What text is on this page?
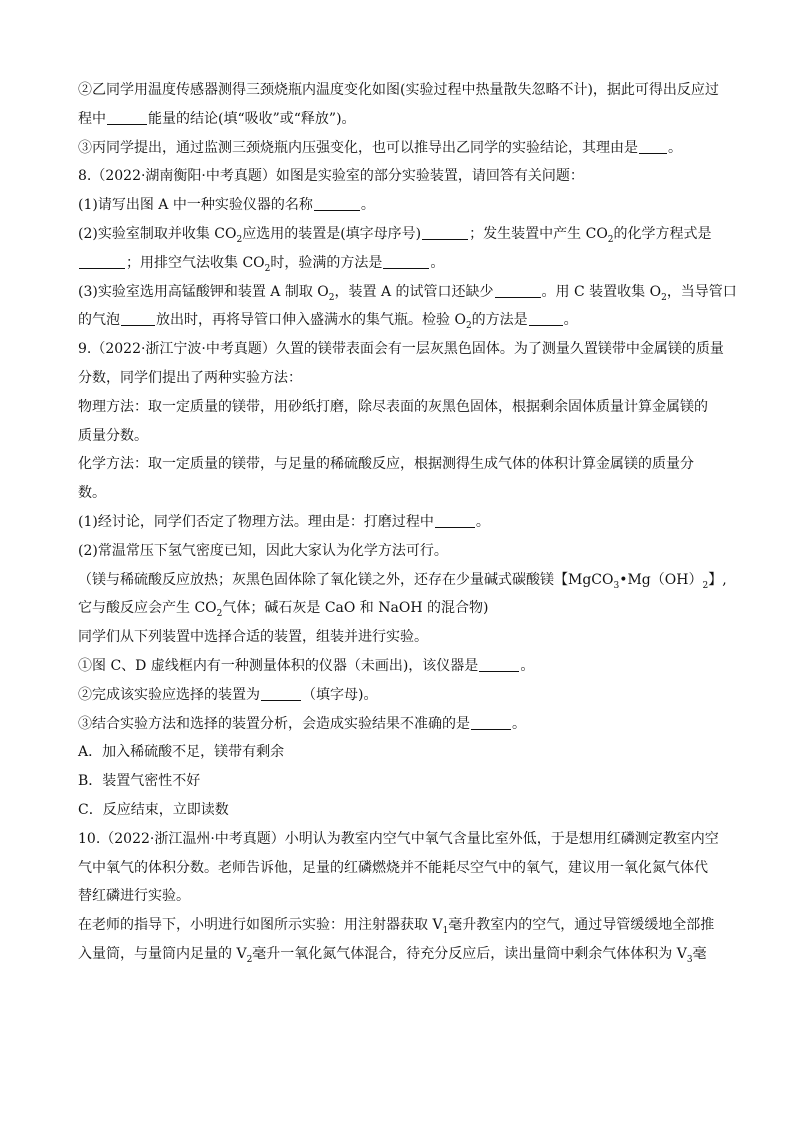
②乙同学用温度传感器测得三颈烧瓶内温度变化如图(实验过程中热量散失忽略不计)，据此可得出反应过
程中	能量的结论(填“吸收”或“释放”)。
③丙同学提出，通过监测三颈烧瓶内压强变化，也可以推导出乙同学的实验结论，其理由是 。
8.（2022·湖南衡阳·中考真题）如图是实验室的部分实验装置，请回答有关问题：
(1)请写出图 A 中一种实验仪器的名称	。
(2)实验室制取并收集 $CO_2$应选用的装置是(填字母序号)	；发生装置中产生 $CO_2$的化学方程式是
；用排空气法收集 $CO_2$时，验满的方法是	。
(3)实验室选用高锰酸钾和装置 A 制取 $O_2$，装置 A 的试管口还缺少	。用 C 装置收集 $O_2$，当导管口
的气泡	放出时，再将导管口伸入盛满水的集气瓶。检验 $O_2$的方法是	。
9.（2022·浙江宁波·中考真题）久置的镁带表面会有一层灰黑色固体。为了测量久置镁带中金属镁的质量
分数，同学们提出了两种实验方法：
物理方法：取一定质量的镁带，用砂纸打磨，除尽表面的灰黑色固体，根据剩余固体质量计算金属镁的
质量分数。
化学方法：取一定质量的镁带，与足量的稀硫酸反应，根据测得生成气体的体积计算金属镁的质量分
数。
(1)经讨论，同学们否定了物理方法。理由是：打磨过程中	。
(2)常温常压下氢气密度已知，因此大家认为化学方法可行。
（镁与稀硫酸反应放热；灰黑色固体除了氧化镁之外，还存在少量碱式碳酸镁【$MgCO_3•Mg(OH)_2$】,
它与酸反应会产生 $CO_2$气体；碱石灰是 CaO 和 NaOH 的混合物)
同学们从下列装置中选择合适的装置，组装并进行实验。
①图 C、D 虚线框内有一种测量体积的仪器（未画出)，该仪器是	。
②完成该实验应选择的装置为	（填字母)。
③结合实验方法和选择的装置分析，会造成实验结果不准确的是	。
A．加入稀硫酸不足，镁带有剩余
B．装置气密性不好
C．反应结束，立即读数
10.（2022·浙江温州·中考真题）小明认为教室内空气中氧气含量比室外低，于是想用红磷测定教室内空
气中氧气的体积分数。老师告诉他，足量的红磷燃烧并不能耗尽空气中的氧气，建议用一氧化氮气体代
替红磷进行实验。
在老师的指导下，小明进行如图所示实验：用注射器获取 $V_1$毫升教室内的空气，通过导管缓缓地全部推
入量筒，与量筒内足量的 $V_2$毫升一氧化氮气体混合，待充分反应后，读出量筒中剩余气体体积为 $V_3$毫
